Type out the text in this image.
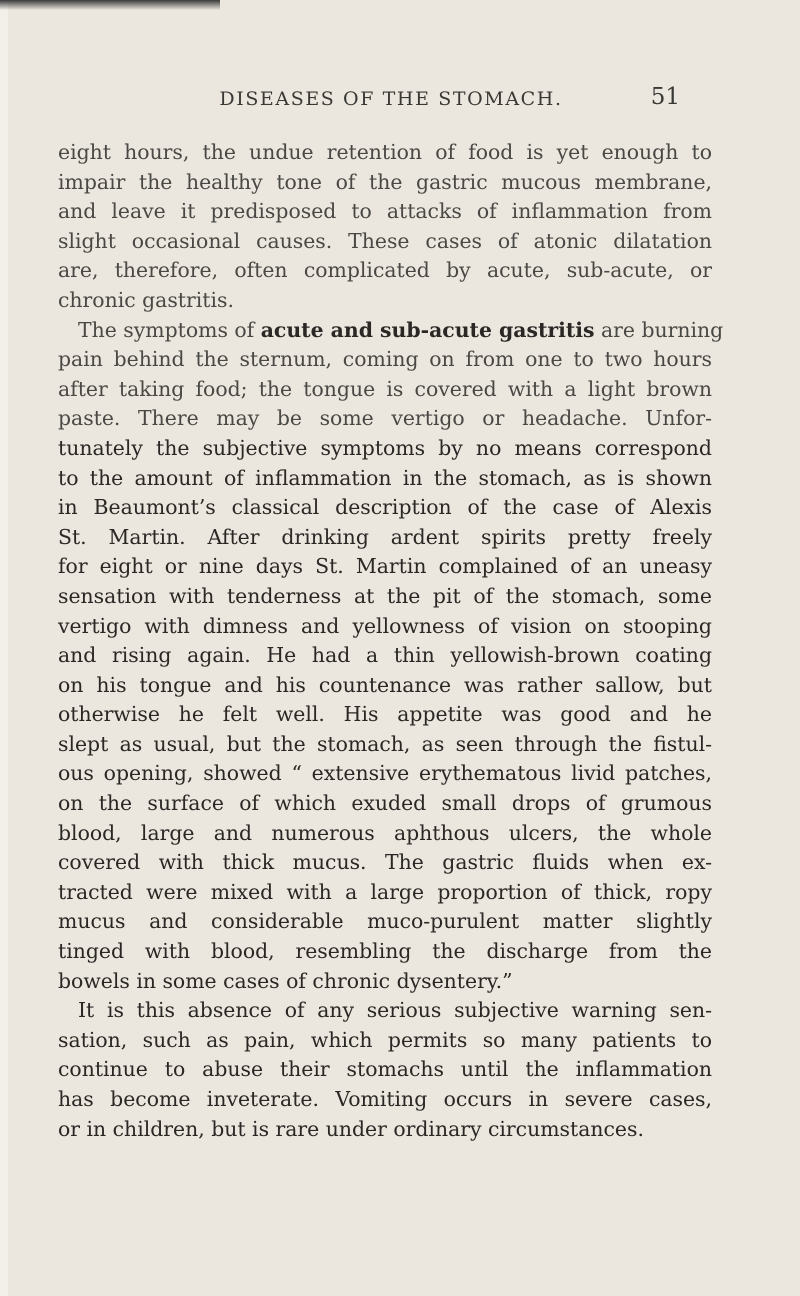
DISEASES OF THE STOMACH.	51
eight hours, the undue retention of food is yet enough to
impair the healthy tone of the gastric mucous membrane,
and leave it predisposed to attacks of inflammation from
slight occasional causes. These cases of atonic dilatation
are, therefore, often complicated by acute, sub-acute, or
chronic gastritis.
The symptoms of acute and sub-acute gastritis are burning
pain behind the sternum, coming on from one to two hours
after taking food; the tongue is covered with a light brown
paste. There may be some vertigo or headache. Unfor-
tunately the subjective symptoms by no means correspond
to the amount of inflammation in the stomach, as is shown
in Beaumont’s classical description of the case of Alexis
St. Martin. After drinking ardent spirits pretty freely
for eight or nine days St. Martin complained of an uneasy
sensation with tenderness at the pit of the stomach, some
vertigo with dimness and yellowness of vision on stooping
and rising again. He had a thin yellowish-brown coating
on his tongue and his countenance was rather sallow, but
otherwise he felt well. His appetite was good and he
slept as usual, but the stomach, as seen through the fistul-
ous opening, showed “ extensive erythematous livid patches,
on the surface of which exuded small drops of grumous
blood, large and numerous aphthous ulcers, the whole
covered with thick mucus. The gastric fluids when ex-
tracted were mixed with a large proportion of thick, ropy
mucus and considerable muco-purulent matter slightly
tinged with blood, resembling the discharge from the
bowels in some cases of chronic dysentery.”
It is this absence of any serious subjective warning sen-
sation, such as pain, which permits so many patients to
continue to abuse their stomachs until the inflammation
has become inveterate. Vomiting occurs in severe cases,
or in children, but is rare under ordinary circumstances.
